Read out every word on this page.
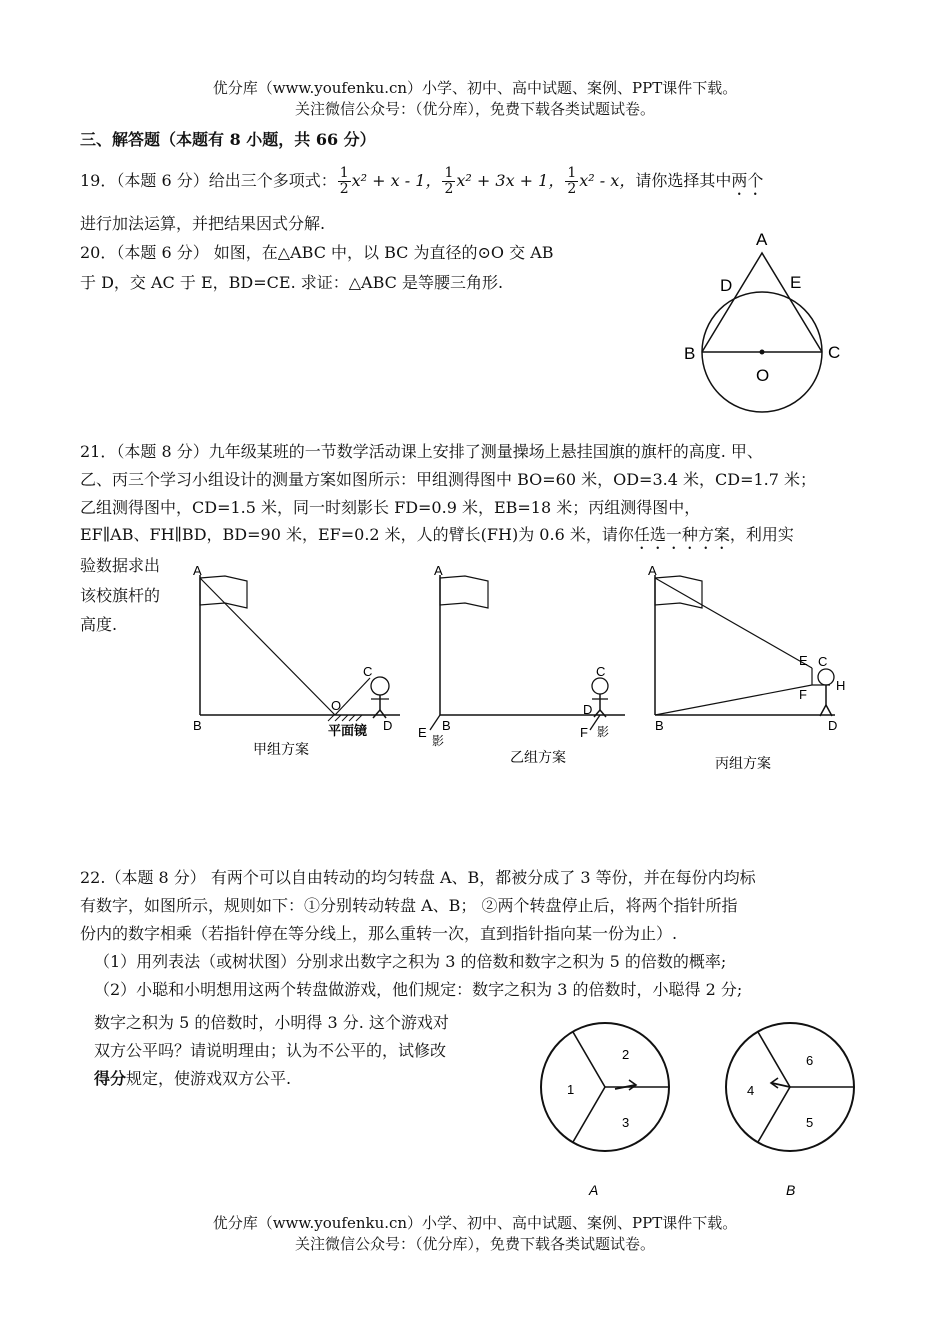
优分库（www.youfenku.cn）小学、初中、高中试题、案例、PPT课件下载。
关注微信公众号：（优分库），免费下载各类试题试卷。
三、解答题（本题有 8 小题，共 66 分）
19．（本题 6 分）给出三个多项式： $\frac{1}{2} x^2 + x - 1$， $\frac{1}{2} x^2 + 3x + 1$， $\frac{1}{2} x^2$ - x，请你选择其中两个
进行加法运算，并把结果因式分解.
20．（本题 6 分） 如图，在△ABC 中，以 BC 为直径的⊙O 交 AB
于 D，交 AC 于 E，BD=CE. 求证：△ABC 是等腰三角形.
A
D	E
B	C
O
21．（本题 8 分）九年级某班的一节数学活动课上安排了测量操场上悬挂国旗的旗杆的高度. 甲、
乙、丙三个学习小组设计的测量方案如图所示：甲组测得图中 BO=60 米，OD=3.4 米，CD=1.7 米；
乙组测得图中，CD=1.5 米，同一时刻影长 FD=0.9 米，EB=18 米；丙组测得图中，
EF∥AB、FH∥BD，BD=90 米，EF=0.2 米，人的臂长(FH)为 0.6 米，请你任选一种方案，利用实
验数据求出
该校旗杆的
高度.
A
B
C
D
O
平面镜
甲组方案
A
B
C
D
E	F
影
影
乙组方案
A
B
C
D
E
F
H
丙组方案
22.（本题 8 分） 有两个可以自由转动的均匀转盘 A、B，都被分成了 3 等份，并在每份内均标
有数字，如图所示，规则如下：①分别转动转盘 A、B； ②两个转盘停止后，将两个指针所指
份内的数字相乘（若指针停在等分线上，那么重转一次，直到指针指向某一份为止）.
（1）用列表法（或树状图）分别求出数字之积为 3 的倍数和数字之积为 5 的倍数的概率;
（2）小聪和小明想用这两个转盘做游戏，他们规定：数字之积为 3 的倍数时，小聪得 2 分;
数字之积为 5 的倍数时，小明得 3 分. 这个游戏对
双方公平吗？请说明理由；认为不公平的，试修改
得分规定，使游戏双方公平.
1
2
3
A
4
5
6
B
优分库（www.youfenku.cn）小学、初中、高中试题、案例、PPT课件下载。
关注微信公众号：（优分库），免费下载各类试题试卷。
